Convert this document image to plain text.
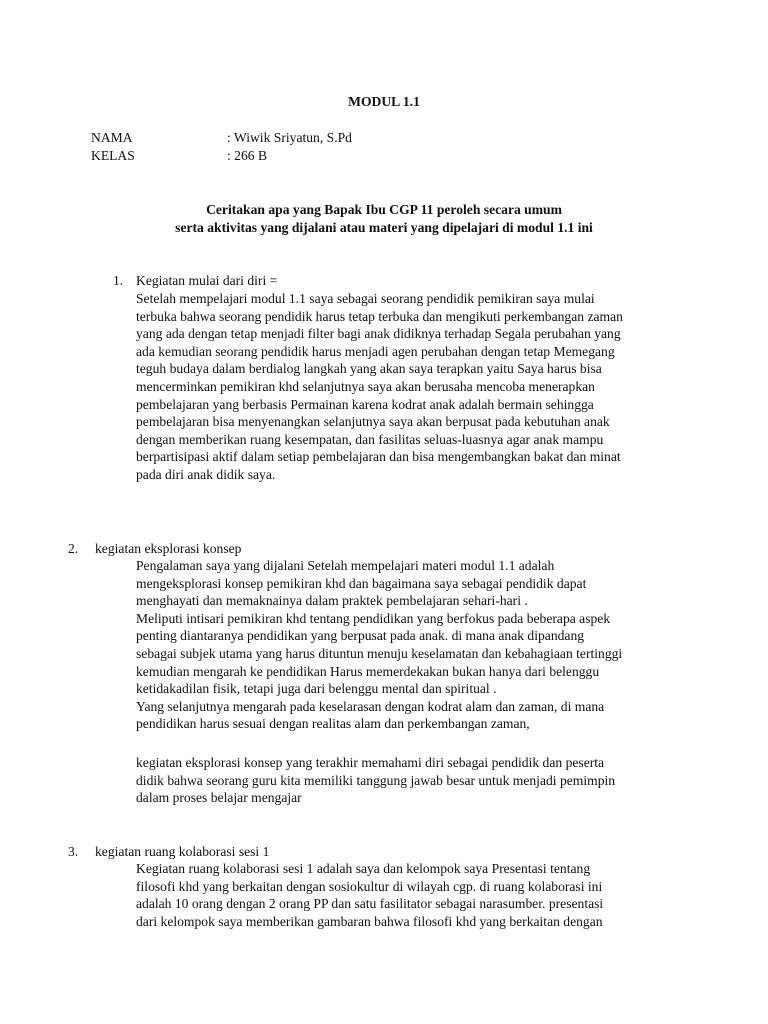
MODUL 1.1
NAMA	: Wiwik Sriyatun, S.Pd
KELAS	: 266 B
Ceritakan apa yang Bapak Ibu CGP 11 peroleh secara umum
serta aktivitas yang dijalani atau materi yang dipelajari di modul 1.1 ini
1. Kegiatan mulai dari diri =
Setelah mempelajari modul 1.1 saya sebagai seorang pendidik pemikiran saya mulai
terbuka bahwa seorang pendidik harus tetap terbuka dan mengikuti perkembangan zaman
yang ada dengan tetap menjadi filter bagi anak didiknya terhadap Segala perubahan yang
ada kemudian seorang pendidik harus menjadi agen perubahan dengan tetap Memegang
teguh budaya dalam berdialog langkah yang akan saya terapkan yaitu Saya harus bisa
mencerminkan pemikiran khd selanjutnya saya akan berusaha mencoba menerapkan
pembelajaran yang berbasis Permainan karena kodrat anak adalah bermain sehingga
pembelajaran bisa menyenangkan selanjutnya saya akan berpusat pada kebutuhan anak
dengan memberikan ruang kesempatan, dan fasilitas seluas-luasnya agar anak mampu
berpartisipasi aktif dalam setiap pembelajaran dan bisa mengembangkan bakat dan minat
pada diri anak didik saya.
2. kegiatan eksplorasi konsep
Pengalaman saya yang dijalani Setelah mempelajari materi modul 1.1 adalah
mengeksplorasi konsep pemikiran khd dan bagaimana saya sebagai pendidik dapat
menghayati dan memaknainya dalam praktek pembelajaran sehari-hari .
Meliputi intisari pemikiran khd tentang pendidikan yang berfokus pada beberapa aspek
penting diantaranya pendidikan yang berpusat pada anak. di mana anak dipandang
sebagai subjek utama yang harus dituntun menuju keselamatan dan kebahagiaan tertinggi
kemudian mengarah ke pendidikan Harus memerdekakan bukan hanya dari belenggu
ketidakadilan fisik, tetapi juga dari belenggu mental dan spiritual .
Yang selanjutnya mengarah pada keselarasan dengan kodrat alam dan zaman, di mana
pendidikan harus sesuai dengan realitas alam dan perkembangan zaman,
kegiatan eksplorasi konsep yang terakhir memahami diri sebagai pendidik dan peserta
didik bahwa seorang guru kita memiliki tanggung jawab besar untuk menjadi pemimpin
dalam proses belajar mengajar
3. kegiatan ruang kolaborasi sesi 1
Kegiatan ruang kolaborasi sesi 1 adalah saya dan kelompok saya Presentasi tentang
filosofi khd yang berkaitan dengan sosiokultur di wilayah cgp. di ruang kolaborasi ini
adalah 10 orang dengan 2 orang PP dan satu fasilitator sebagai narasumber. presentasi
dari kelompok saya memberikan gambaran bahwa filosofi khd yang berkaitan dengan
